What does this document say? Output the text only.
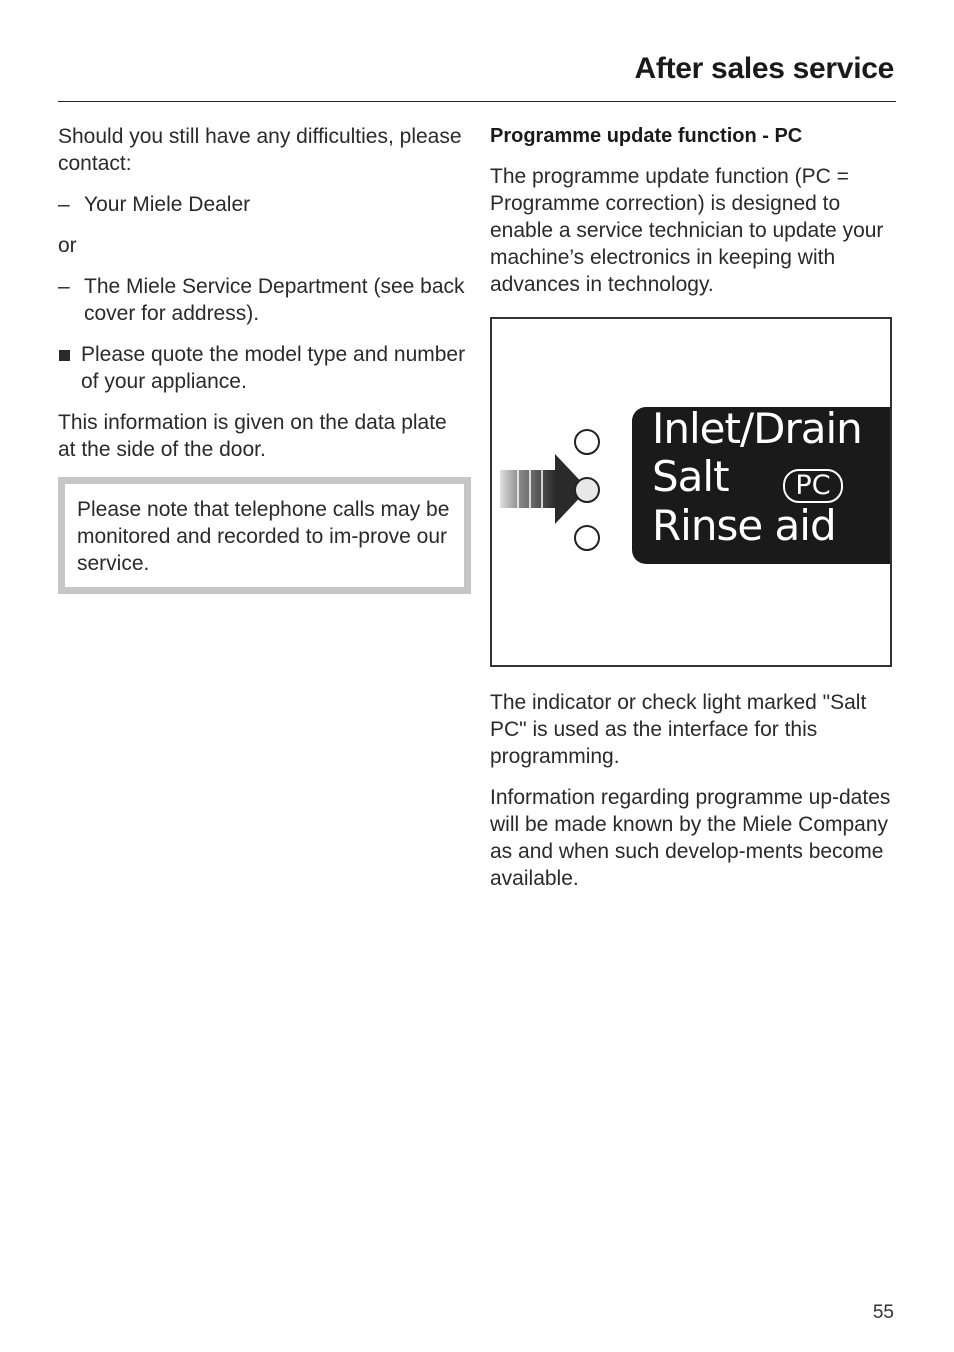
After sales service

Should you still have any difficulties, please contact:

– Your Miele Dealer

or

– The Miele Service Department (see back cover for address).
Please quote the model type and number of your appliance.

This information is given on the data plate at the side of the door.

Please note that telephone calls may be monitored and recorded to im-prove our service.

Programme update function - PC

The programme update function (PC = Programme correction) is designed to enable a service technician to update your machine’s electronics in keeping with advances in technology.

Inlet/Drain
Salt	PC
Rinse aid

The indicator or check light marked "Salt PC" is used as the interface for this programming.

Information regarding programme up-dates will be made known by the Miele Company as and when such develop-ments become available.

55
